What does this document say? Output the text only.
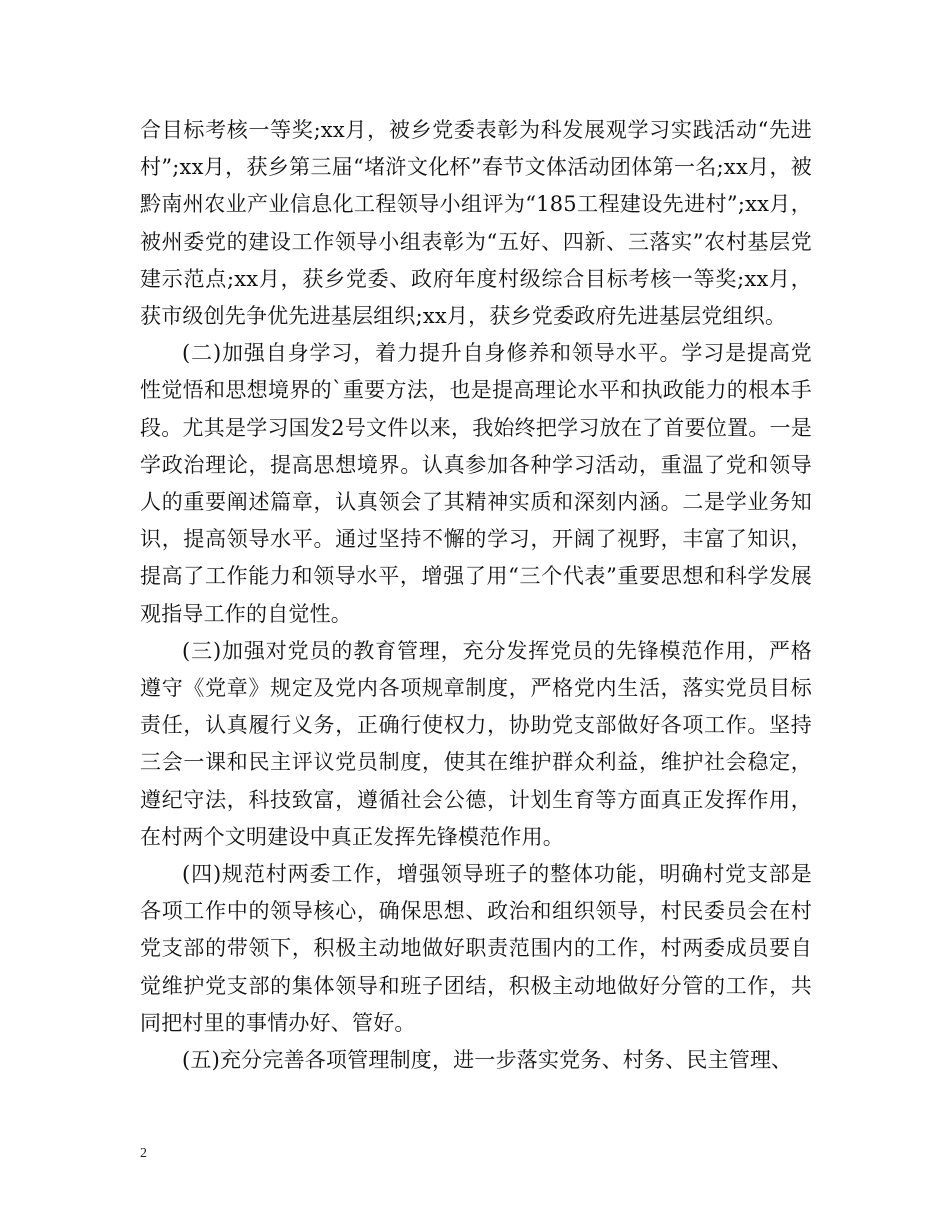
合目标考核一等奖;xx月，被乡党委表彰为科发展观学习实践活动“先进村”;xx月，获乡第三届“堵浒文化杯”春节文体活动团体第一名;xx月，被黔南州农业产业信息化工程领导小组评为“185工程建设先进村”;xx月，被州委党的建设工作领导小组表彰为“五好、四新、三落实”农村基层党建示范点;xx月，获乡党委、政府年度村级综合目标考核一等奖;xx月，获市级创先争优先进基层组织;xx月，获乡党委政府先进基层党组织。

(二)加强自身学习，着力提升自身修养和领导水平。学习是提高党性觉悟和思想境界的`重要方法，也是提高理论水平和执政能力的根本手段。尤其是学习国发2号文件以来，我始终把学习放在了首要位置。一是学政治理论，提高思想境界。认真参加各种学习活动，重温了党和领导人的重要阐述篇章，认真领会了其精神实质和深刻内涵。二是学业务知识，提高领导水平。通过坚持不懈的学习，开阔了视野，丰富了知识，提高了工作能力和领导水平，增强了用“三个代表”重要思想和科学发展观指导工作的自觉性。

(三)加强对党员的教育管理，充分发挥党员的先锋模范作用，严格遵守《党章》规定及党内各项规章制度，严格党内生活，落实党员目标责任，认真履行义务，正确行使权力，协助党支部做好各项工作。坚持三会一课和民主评议党员制度，使其在维护群众利益，维护社会稳定，遵纪守法，科技致富，遵循社会公德，计划生育等方面真正发挥作用，在村两个文明建设中真正发挥先锋模范作用。

(四)规范村两委工作，增强领导班子的整体功能，明确村党支部是各项工作中的领导核心，确保思想、政治和组织领导，村民委员会在村党支部的带领下，积极主动地做好职责范围内的工作，村两委成员要自觉维护党支部的集体领导和班子团结，积极主动地做好分管的工作，共同把村里的事情办好、管好。

(五)充分完善各项管理制度，进一步落实党务、村务、民主管理、

2
